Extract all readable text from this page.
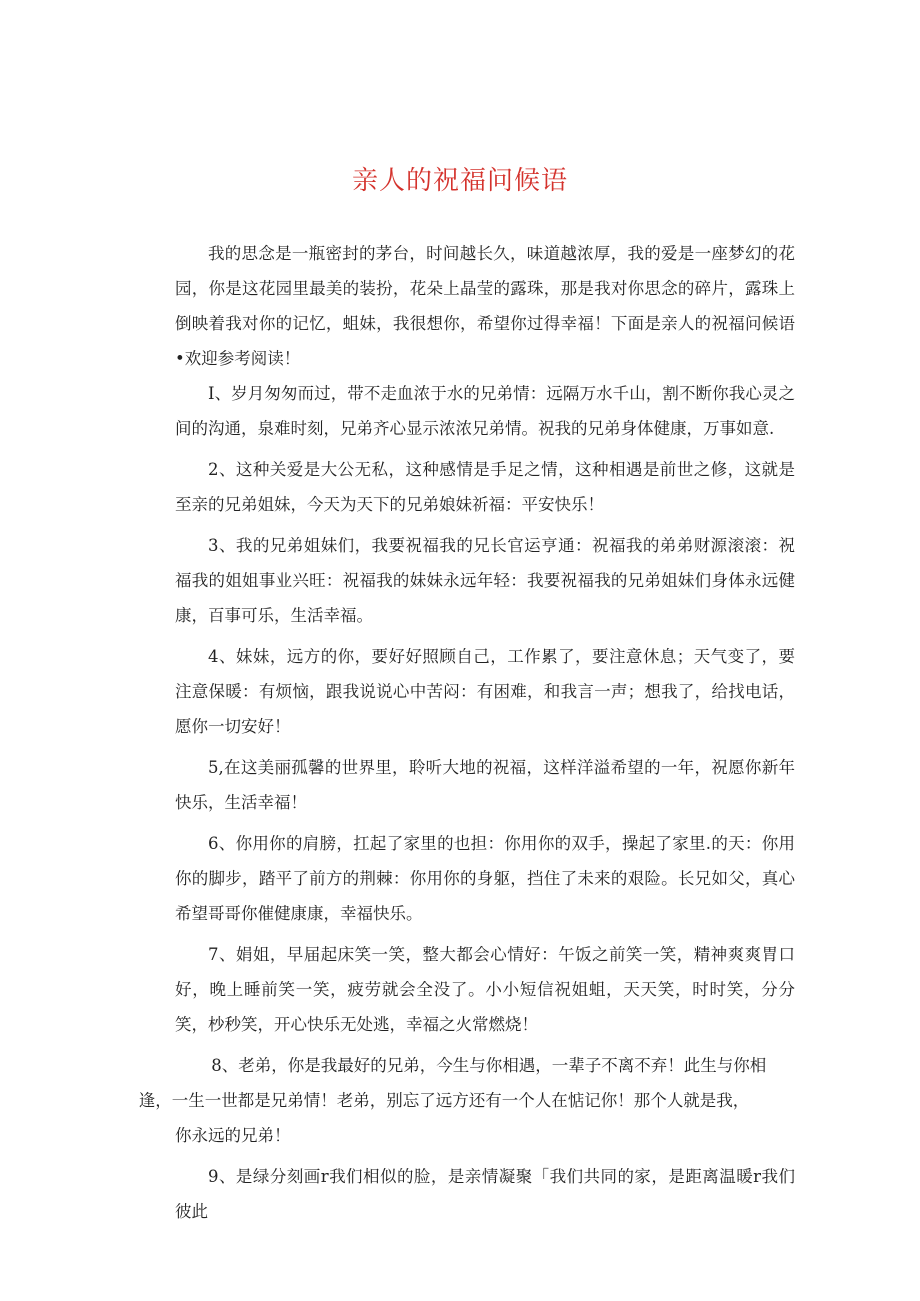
亲人的祝福问候语

我的思念是一瓶密封的茅台，时间越长久，味道越浓厚，我的爱是一座梦幻的花园，你是这花园里最美的装扮，花朵上晶莹的露珠，那是我对你思念的碎片，露珠上倒映着我对你的记忆，蛆妹，我很想你，希望你过得幸福！下面是亲人的祝福问候语•欢迎参考阅读！

I、岁月匆匆而过，带不走血浓于水的兄弟情：远隔万水千山，割不断你我心灵之间的沟通，泉难时刻，兄弟齐心显示浓浓兄弟情。祝我的兄弟身体健康，万事如意.

2、这种关爱是大公无私，这种感情是手足之情，这种相遇是前世之修，这就是至亲的兄弟姐妹，今天为天下的兄弟娘妹祈福：平安快乐！

3、我的兄弟姐妹们，我要祝福我的兄长官运亨通：祝福我的弟弟财源滚滚：祝福我的姐姐事业兴旺：祝福我的妹妹永远年轻：我要祝福我的兄弟姐妹们身体永远健康，百事可乐，生活幸福。

4、妹妹，远方的你，要好好照顾自己，工作累了，要注意休息；天气变了，要注意保暖：有烦恼，跟我说说心中苦闷：有困难，和我言一声；想我了，给找电话，愿你一切安好！

5,在这美丽孤馨的世界里，聆听大地的祝福，这样洋溢希望的一年，祝愿你新年快乐，生活幸福！

6、你用你的肩膀，扛起了家里的也担：你用你的双手，操起了家里.的天：你用你的脚步，踏平了前方的荆棘：你用你的身躯，挡住了未来的艰险。长兄如父，真心希望哥哥你催健康康，幸福快乐。

7、娟姐，早届起床笑一笑，整大都会心情好：午饭之前笑一笑，精神爽爽胃口好，晚上睡前笑一笑，疲劳就会全没了。小小短信祝姐蛆，天天笑，时时笑，分分笑，杪秒笑，开心快乐无处逃，幸福之火常燃烧！

8、老弟，你是我最好的兄弟，今生与你相遇，一辈子不离不弃！此生与你相
逢，一生一世都是兄弟情！老弟，别忘了远方还有一个人在惦记你！那个人就是我，
你永远的兄弟！

9、是绿分刻画r我们相似的脸，是亲情凝聚「我们共同的家，是距离温暖r我们彼此
